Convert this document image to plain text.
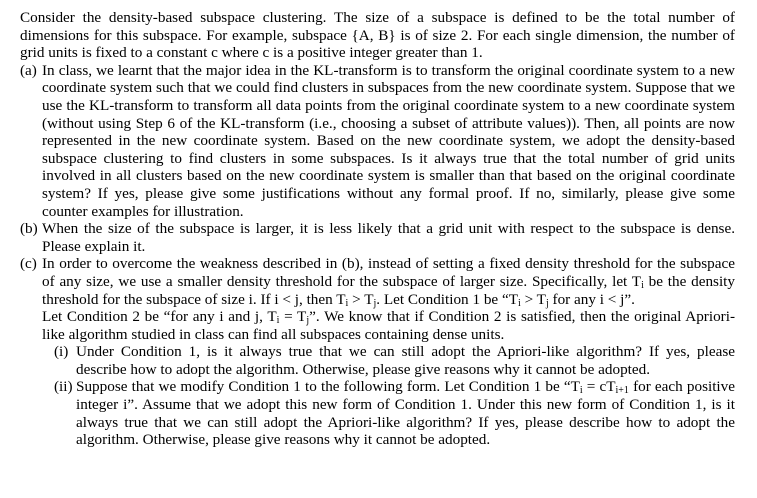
Consider the density-based subspace clustering. The size of a subspace is defined to be the total number of dimensions for this subspace. For example, subspace {A, B} is of size 2. For each single dimension, the number of grid units is fixed to a constant c where c is a positive integer greater than 1.

(a) In class, we learnt that the major idea in the KL-transform is to transform the original coordinate system to a new coordinate system such that we could find clusters in subspaces from the new coordinate system. Suppose that we use the KL-transform to transform all data points from the original coordinate system to a new coordinate system (without using Step 6 of the KL-transform (i.e., choosing a subset of attribute values)). Then, all points are now represented in the new coordinate system. Based on the new coordinate system, we adopt the density-based subspace clustering to find clusters in some subspaces. Is it always true that the total number of grid units involved in all clusters based on the new coordinate system is smaller than that based on the original coordinate system? If yes, please give some justifications without any formal proof. If no, similarly, please give some counter examples for illustration.

(b) When the size of the subspace is larger, it is less likely that a grid unit with respect to the subspace is dense. Please explain it.

(c) In order to overcome the weakness described in (b), instead of setting a fixed density threshold for the subspace of any size, we use a smaller density threshold for the subspace of larger size. Specifically, let $T_i$ be the density threshold for the subspace of size i. If i < j, then $T_i > T_j$. Let Condition 1 be “$T_i > T_j$ for any i < j”.

Let Condition 2 be “for any i and j, $T_i = T_j$”. We know that if Condition 2 is satisfied, then the original Apriori-like algorithm studied in class can find all subspaces containing dense units.

(i) Under Condition 1, is it always true that we can still adopt the Apriori-like algorithm? If yes, please describe how to adopt the algorithm. Otherwise, please give reasons why it cannot be adopted.

(ii) Suppose that we modify Condition 1 to the following form. Let Condition 1 be “$T_i = cT_{i+1}$ for each positive integer i”. Assume that we adopt this new form of Condition 1. Under this new form of Condition 1, is it always true that we can still adopt the Apriori-like algorithm? If yes, please describe how to adopt the algorithm. Otherwise, please give reasons why it cannot be adopted.
